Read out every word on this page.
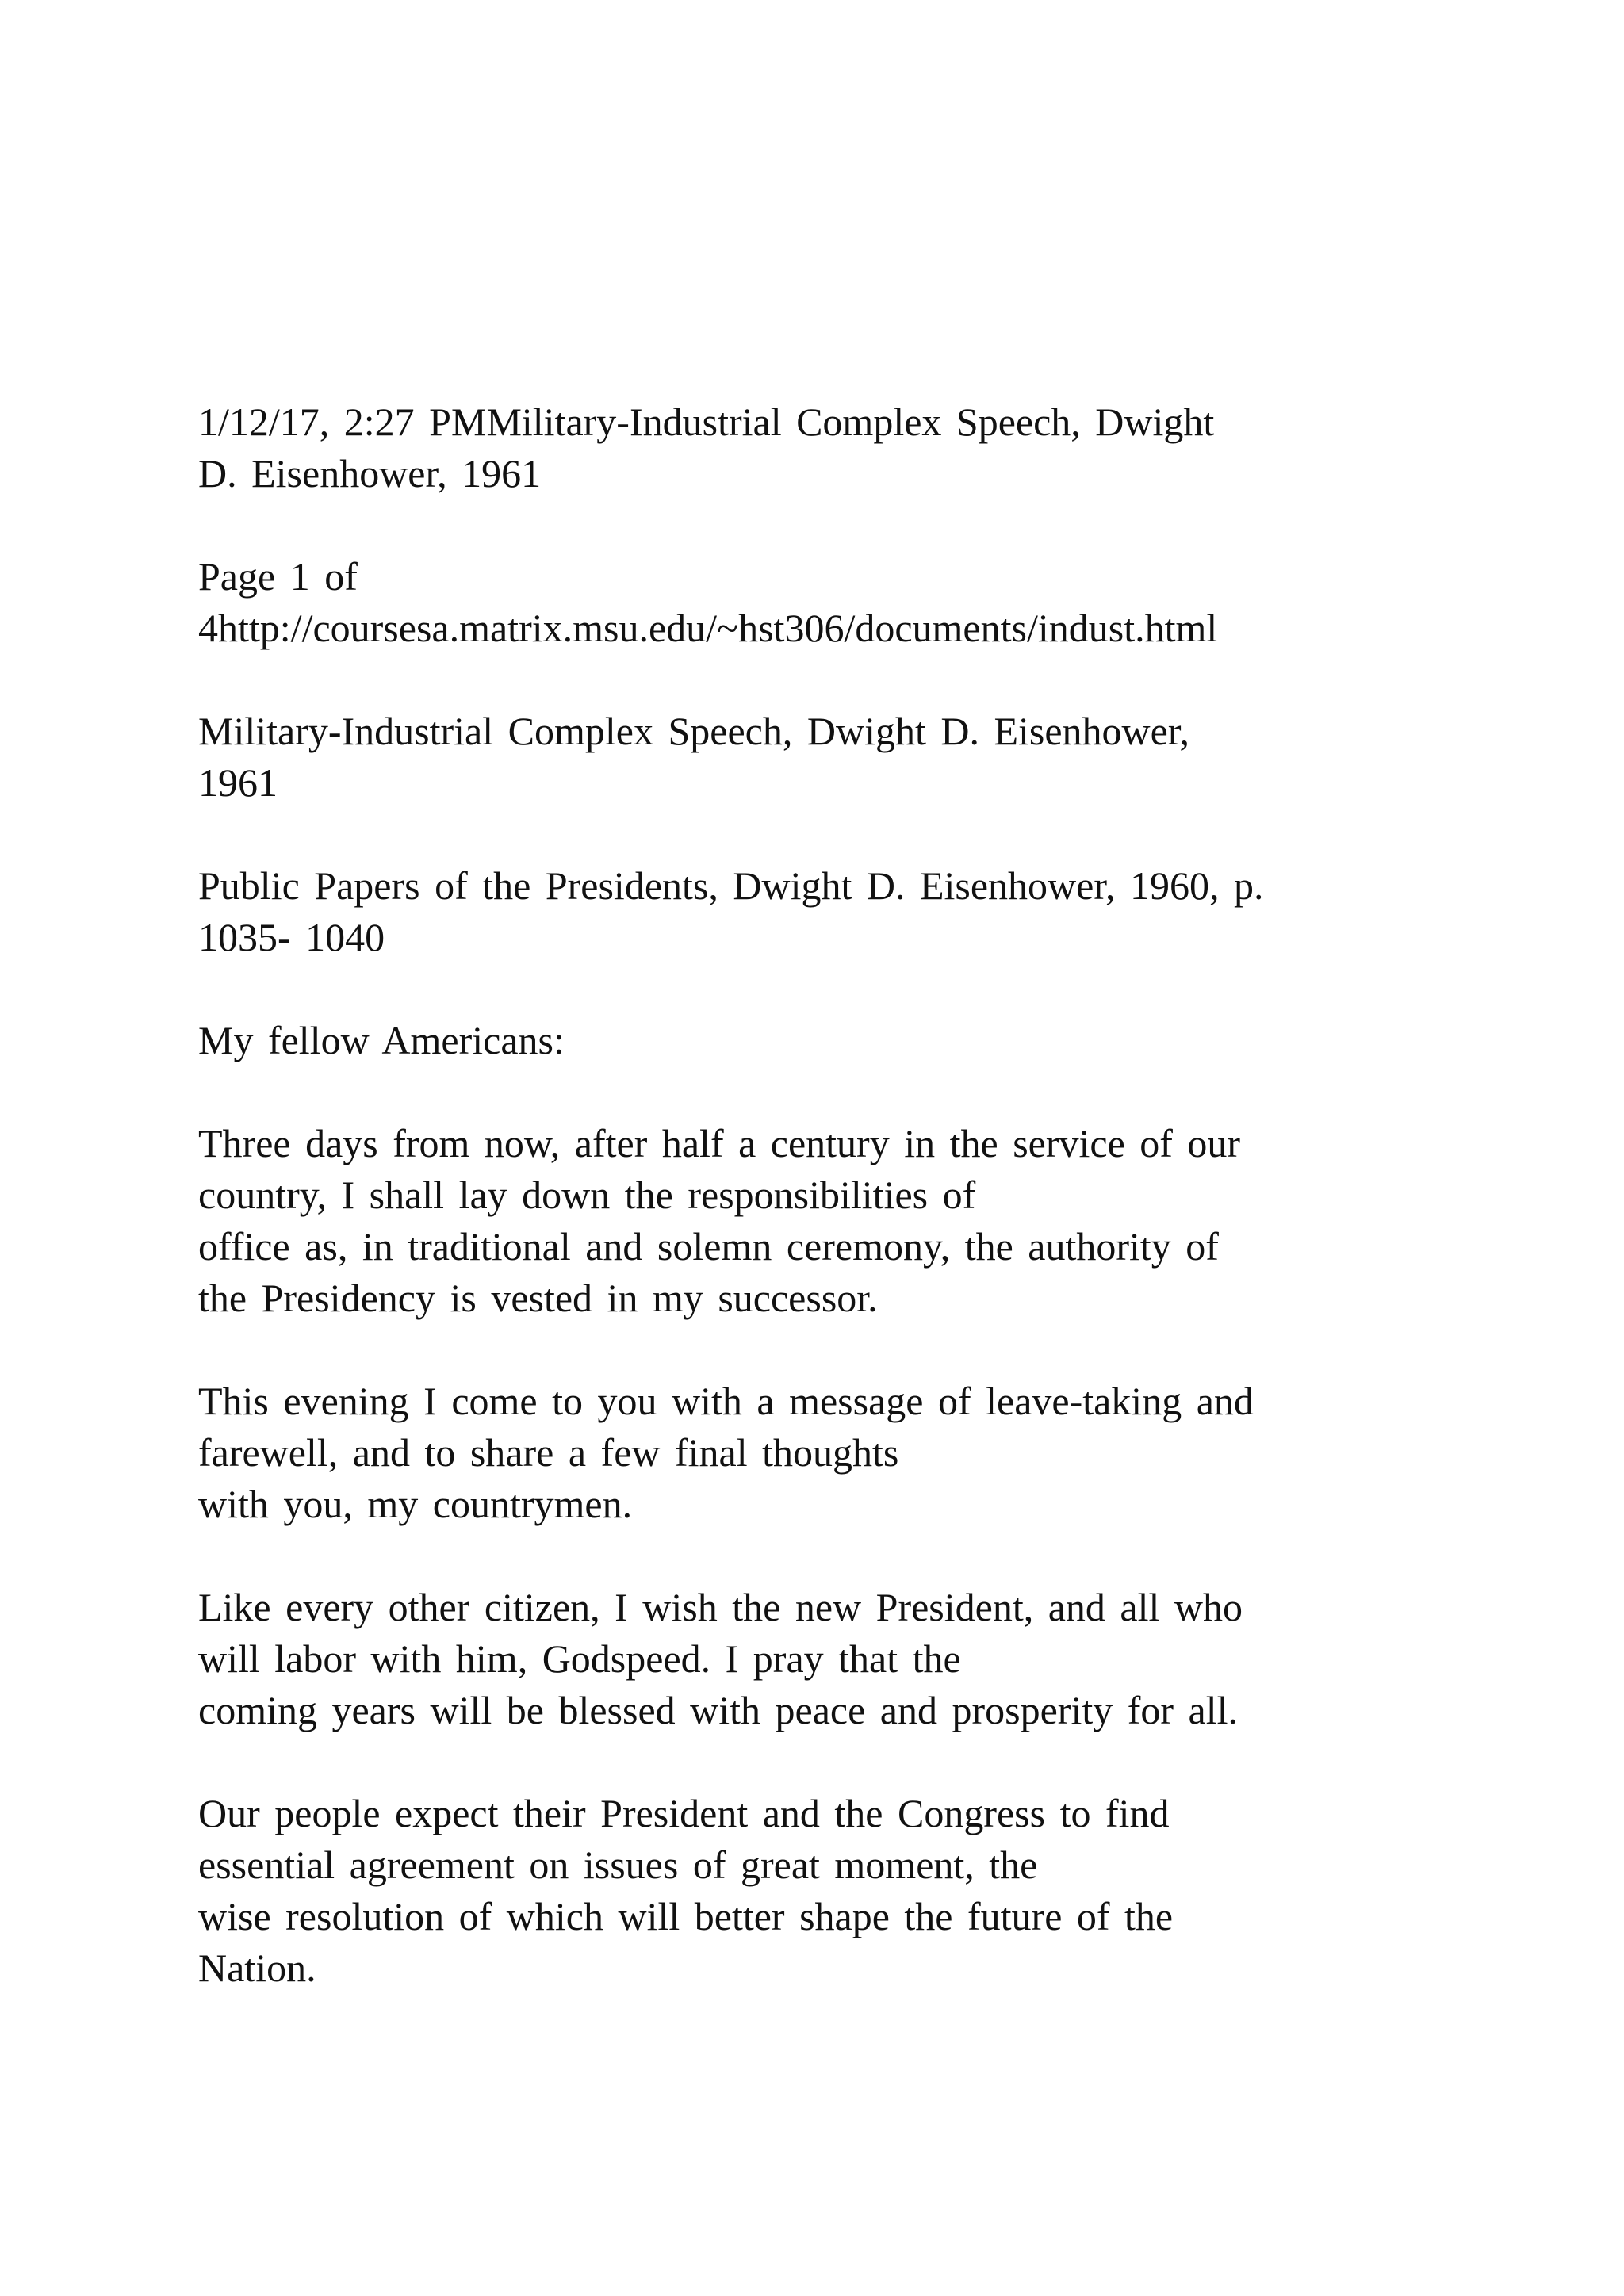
1/12/17, 2:27 PMMilitary-Industrial Complex Speech, Dwight
D. Eisenhower, 1961
Page 1 of
4http://coursesa.matrix.msu.edu/~hst306/documents/indust.html
Military-Industrial Complex Speech, Dwight D. Eisenhower,
1961
Public Papers of the Presidents, Dwight D. Eisenhower, 1960, p.
1035- 1040
My fellow Americans:
Three days from now, after half a century in the service of our
country, I shall lay down the responsibilities of
office as, in traditional and solemn ceremony, the authority of
the Presidency is vested in my successor.
This evening I come to you with a message of leave-taking and
farewell, and to share a few final thoughts
with you, my countrymen.
Like every other citizen, I wish the new President, and all who
will labor with him, Godspeed. I pray that the
coming years will be blessed with peace and prosperity for all.
Our people expect their President and the Congress to find
essential agreement on issues of great moment, the
wise resolution of which will better shape the future of the
Nation.
